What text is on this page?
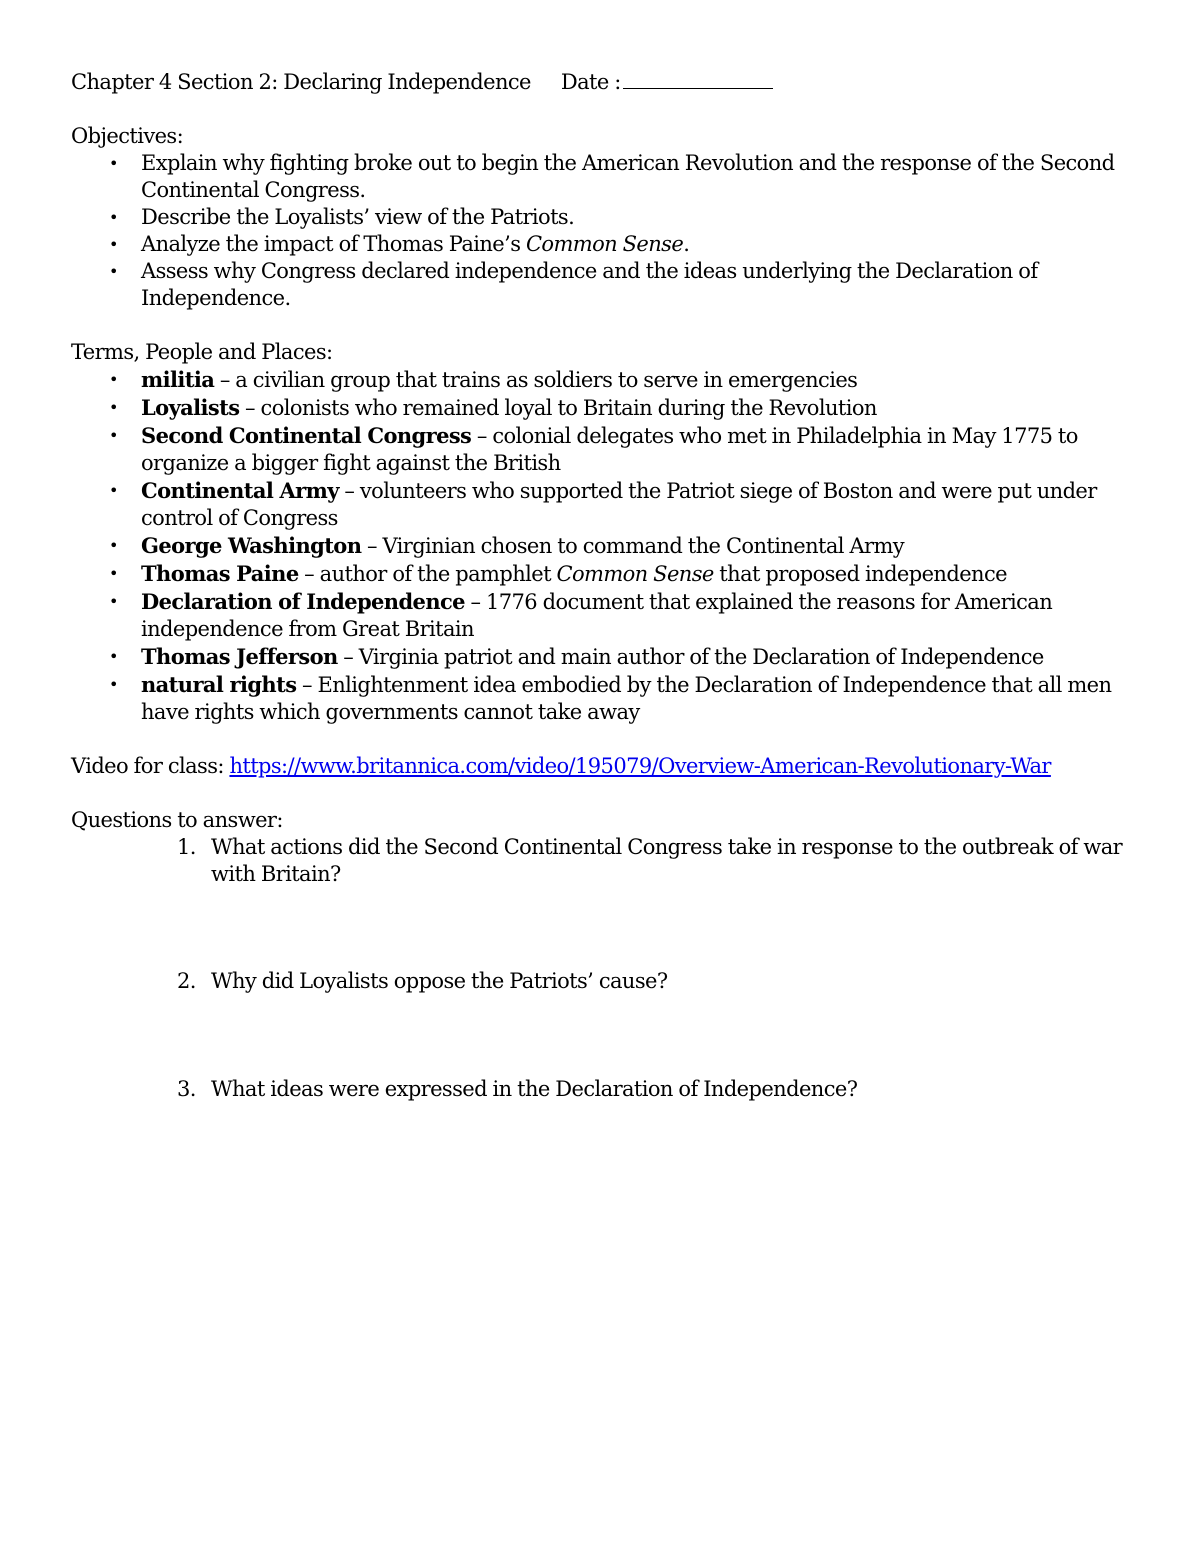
Chapter 4 Section 2: Declaring Independence Date :
Objectives:
• Explain why fighting broke out to begin the American Revolution and the response of the Second Continental Congress.
• Describe the Loyalists’ view of the Patriots.
• Analyze the impact of Thomas Paine’s Common Sense.
• Assess why Congress declared independence and the ideas underlying the Declaration of Independence.
Terms, People and Places:
• militia – a civilian group that trains as soldiers to serve in emergencies
• Loyalists – colonists who remained loyal to Britain during the Revolution
• Second Continental Congress – colonial delegates who met in Philadelphia in May 1775 to organize a bigger fight against the British
• Continental Army – volunteers who supported the Patriot siege of Boston and were put under control of Congress
• George Washington – Virginian chosen to command the Continental Army
• Thomas Paine – author of the pamphlet Common Sense that proposed independence
• Declaration of Independence – 1776 document that explained the reasons for American independence from Great Britain
• Thomas Jefferson – Virginia patriot and main author of the Declaration of Independence
• natural rights – Enlightenment idea embodied by the Declaration of Independence that all men have rights which governments cannot take away
Video for class: https://www.britannica.com/video/195079/Overview-American-Revolutionary-War
Questions to answer:
1. What actions did the Second Continental Congress take in response to the outbreak of war with Britain?
2. Why did Loyalists oppose the Patriots’ cause?
3. What ideas were expressed in the Declaration of Independence?
